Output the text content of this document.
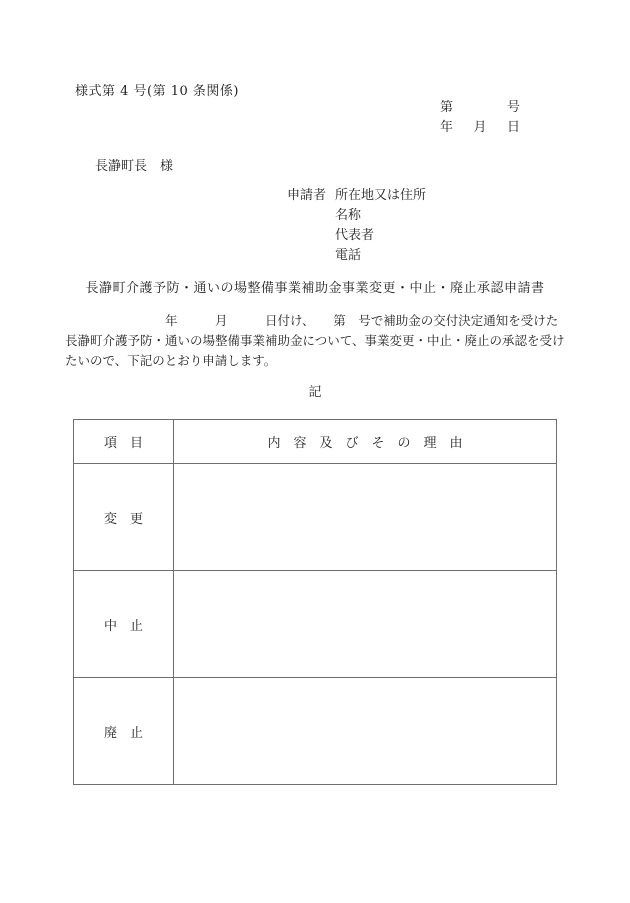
様式第 4 号(第 10 条関係)
第	号
年 月 日
長瀞町長　様
申請者 所在地又は住所
名称
代表者
電話
長瀞町介護予防・通いの場整備事業補助金事業変更・中止・廃止承認申請書
　　　　　　　　年　　　月　　　日付け、　　第　号で補助金の交付決定通知を受けた
長瀞町介護予防・通いの場整備事業補助金について、事業変更・中止・廃止の承認を受け
たいので、下記のとおり申請します。
記
項　目	内　容　及　び　そ　の　理　由
変　更	
中　止	
廃　止	
